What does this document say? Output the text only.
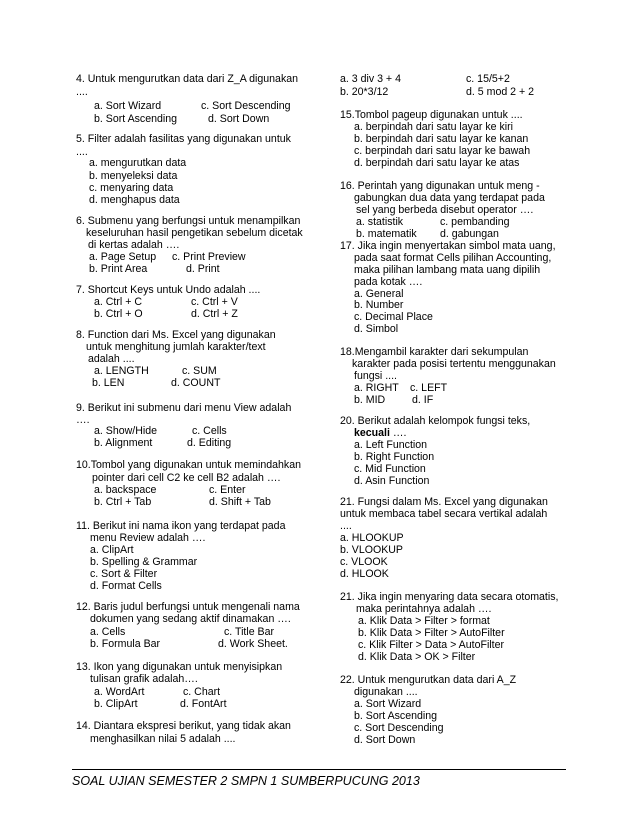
4. Untuk mengurutkan data dari Z_A digunakan
....
a. Sort Wizard	c. Sort Descending
b. Sort Ascending	d. Sort Down
5. Filter adalah fasilitas yang digunakan untuk
....
a. mengurutkan data
b. menyeleksi data
c. menyaring data
d. menghapus data
6. Submenu yang berfungsi untuk menampilkan
keseluruhan hasil pengetikan sebelum dicetak
di kertas adalah ….
a. Page Setup c. Print Preview
b. Print Area	d. Print
7. Shortcut Keys untuk Undo adalah ....
a. Ctrl + C	c. Ctrl + V
b. Ctrl + O	d. Ctrl + Z
8. Function dari Ms. Excel yang digunakan
untuk menghitung jumlah karakter/text
adalah ....
a. LENGTH	c. SUM
b. LEN	d. COUNT
9. Berikut ini submenu dari menu View adalah
….
a. Show/Hide	c. Cells
b. Alignment	d. Editing
10.Tombol yang digunakan untuk memindahkan
pointer dari cell C2 ke cell B2 adalah ….
a. backspace	c. Enter
b. Ctrl + Tab	d. Shift + Tab
11. Berikut ini nama ikon yang terdapat pada
menu Review adalah ….
a. ClipArt
b. Spelling & Grammar
c. Sort & Filter
d. Format Cells
12. Baris judul berfungsi untuk mengenali nama
dokumen yang sedang aktif dinamakan ….
a. Cells	c. Title Bar
b. Formula Bar	d. Work Sheet.
13. Ikon yang digunakan untuk menyisipkan
tulisan grafik adalah….
a. WordArt	c. Chart
b. ClipArt	d. FontArt
14. Diantara ekspresi berikut, yang tidak akan
menghasilkan nilai 5 adalah ....
a. 3 div 3 + 4	c. 15/5+2
b. 20*3/12	d. 5 mod 2 + 2
15.Tombol pageup digunakan untuk ....
a. berpindah dari satu layar ke kiri
b. berpindah dari satu layar ke kanan
c. berpindah dari satu layar ke bawah
d. berpindah dari satu layar ke atas
16. Perintah yang digunakan untuk meng -
gabungkan dua data yang terdapat pada
sel yang berbeda disebut operator ….
a. statistik	c. pembanding
b. matematik d. gabungan
17. Jika ingin menyertakan simbol mata uang,
pada saat format Cells pilihan Accounting,
maka pilihan lambang mata uang dipilih
pada kotak ….
a. General
b. Number
c. Decimal Place
d. Simbol
18.Mengambil karakter dari sekumpulan
karakter pada posisi tertentu menggunakan
fungsi ....
a. RIGHT c. LEFT
b. MID	d. IF
20. Berikut adalah kelompok fungsi teks,
kecuali ….
a. Left Function
b. Right Function
c. Mid Function
d. Asin Function
21. Fungsi dalam Ms. Excel yang digunakan
untuk membaca tabel secara vertikal adalah
....
a. HLOOKUP
b. VLOOKUP
c. VLOOK
d. HLOOK
21. Jika ingin menyaring data secara otomatis,
maka perintahnya adalah ….
a. Klik Data > Filter > format
b. Klik Data > Filter > AutoFilter
c. Klik Filter > Data > AutoFilter
d. Klik Data > OK > Filter
22. Untuk mengurutkan data dari A_Z
digunakan ....
a. Sort Wizard
b. Sort Ascending
c. Sort Descending
d. Sort Down
SOAL UJIAN SEMESTER 2 SMPN 1 SUMBERPUCUNG 2013
